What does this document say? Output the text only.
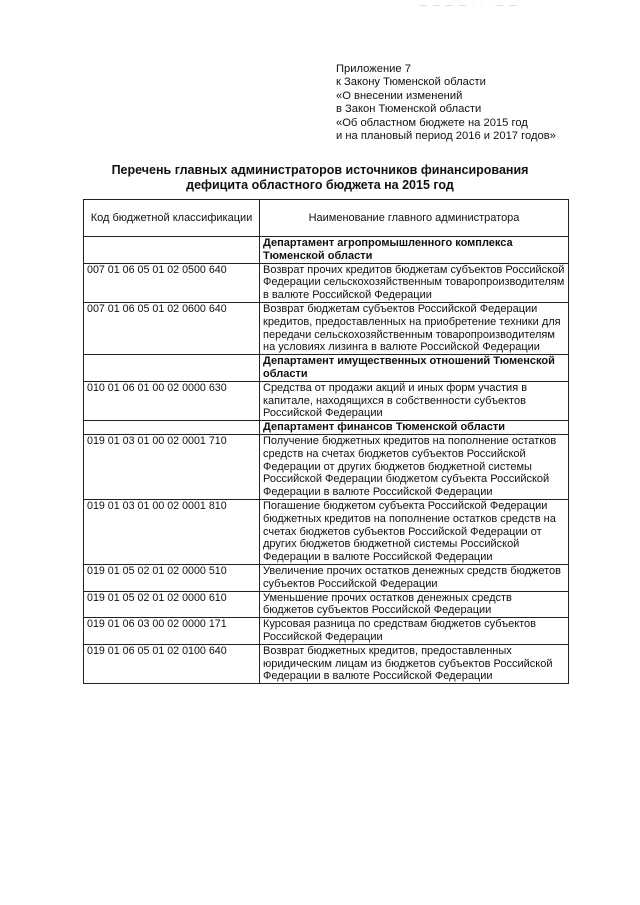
— — — — · · · — —
Приложение 7
к Закону Тюменской области
«О внесении изменений
в Закон Тюменской области
«Об областном бюджете на 2015 год
и на плановый период 2016 и 2017 годов»
Перечень главных администраторов источников финансирования
дефицита областного бюджета на 2015 год
Код бюджетной классификации	Наименование главного администратора
	Департамент агропромышленного комплекса Тюменской области
007 01 06 05 01 02 0500 640	Возврат прочих кредитов бюджетам субъектов Российской Федерации сельскохозяйственным товаропроизводителям в валюте Российской Федерации
007 01 06 05 01 02 0600 640	Возврат бюджетам субъектов Российской Федерации кредитов, предоставленных на приобретение техники для передачи сельскохозяйственным товаропроизводителям на условиях лизинга в валюте Российской Федерации
	Департамент имущественных отношений Тюменской области
010 01 06 01 00 02 0000 630	Средства от продажи акций и иных форм участия в капитале, находящихся в собственности субъектов Российской Федерации
	Департамент финансов Тюменской области
019 01 03 01 00 02 0001 710	Получение бюджетных кредитов на пополнение остатков средств на счетах бюджетов субъектов Российской Федерации от других бюджетов бюджетной системы Российской Федерации бюджетом субъекта Российской Федерации в валюте Российской Федерации
019 01 03 01 00 02 0001 810	Погашение бюджетом субъекта Российской Федерации бюджетных кредитов на пополнение остатков средств на счетах бюджетов субъектов Российской Федерации от других бюджетов бюджетной системы Российской Федерации в валюте Российской Федерации
019 01 05 02 01 02 0000 510	Увеличение прочих остатков денежных средств бюджетов субъектов Российской Федерации
019 01 05 02 01 02 0000 610	Уменьшение прочих остатков денежных средств бюджетов субъектов Российской Федерации
019 01 06 03 00 02 0000 171	Курсовая разница по средствам бюджетов субъектов Российской Федерации
019 01 06 05 01 02 0100 640	Возврат бюджетных кредитов, предоставленных юридическим лицам из бюджетов субъектов Российской Федерации в валюте Российской Федерации
